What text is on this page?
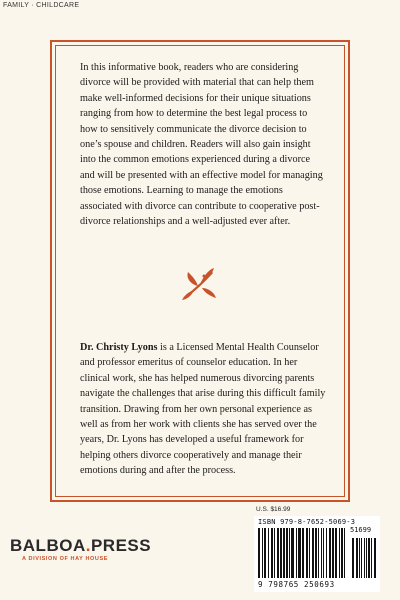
FAMILY · CHILDCARE

In this informative book, readers who are considering divorce will be provided with material that can help them make well-informed decisions for their unique situations ranging from how to determine the best legal process to how to sensitively communicate the divorce decision to one’s spouse and children. Readers will also gain insight into the common emotions experienced during a divorce and will be presented with an effective model for managing those emotions. Learning to manage the emotions associated with divorce can contribute to cooperative post-divorce relationships and a well-adjusted ever after.

Dr. Christy Lyons is a Licensed Mental Health Counselor and professor emeritus of counselor education. In her clinical work, she has helped numerous divorcing parents navigate the challenges that arise during this difficult family transition. Drawing from her own personal experience as well as from her work with clients she has served over the years, Dr. Lyons has developed a useful framework for helping others divorce cooperatively and manage their emotions during and after the process.

U.S. $16.99
ISBN 979-8-7652-5069-3
51699
9 798765 250693
BALBOA.PRESS
A DIVISION OF HAY HOUSE
